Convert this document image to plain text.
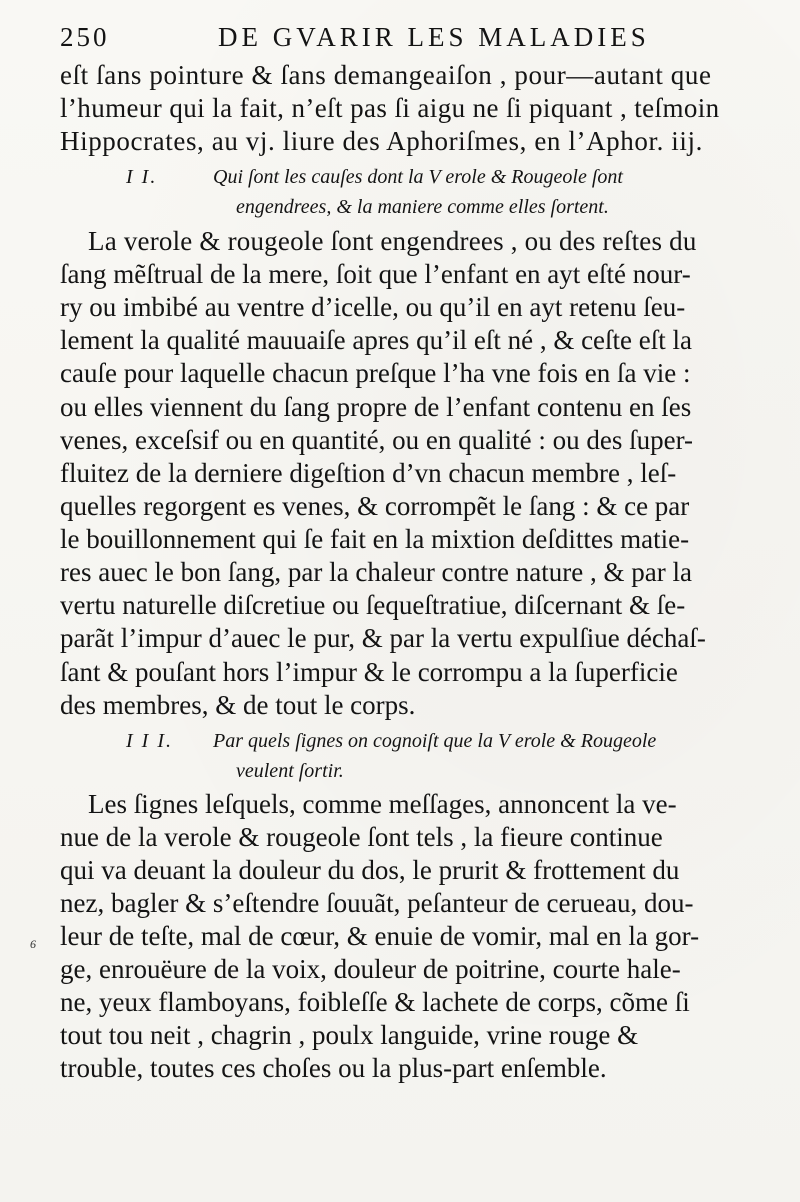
250	DE GVARIR LES MALADIES
eſt ſans pointure & ſans demangeaiſon , pour—autant que
l’humeur qui la fait, n’eſt pas ſi aigu ne ſi piquant , teſmoin
Hippocrates, au vj. liure des Aphoriſmes, en l’Aphor. iij.
I I.	Qui ſont les cauſes dont la V erole & Rougeole ſont
engendrees, & la maniere comme elles ſortent.
La verole & rougeole ſont engendrees , ou des reſtes du
ſang mẽſtrual de la mere, ſoit que l’enfant en ayt eſté nour-
ry ou imbibé au ventre d’icelle, ou qu’il en ayt retenu ſeu-
lement la qualité mauuaiſe apres qu’il eſt né , & ceſte eſt la
cauſe pour laquelle chacun preſque l’ha vne fois en ſa vie :
ou elles viennent du ſang propre de l’enfant contenu en ſes
venes, exceſsif ou en quantité, ou en qualité : ou des ſuper-
fluitez de la derniere digeſtion d’vn chacun membre , leſ-
quelles regorgent es venes, & corrompẽt le ſang : & ce par
le bouillonnement qui ſe fait en la mixtion deſdittes matie-
res auec le bon ſang, par la chaleur contre nature , & par la
vertu naturelle diſcretiue ou ſequeſtratiue, diſcernant & ſe-
parãt l’impur d’auec le pur, & par la vertu expulſiue déchaſ-
ſant & pouſant hors l’impur & le corrompu a la ſuperficie
des membres, & de tout le corps.
I I I. Par quels ſignes on cognoiſt que la V erole & Rougeole
veulent ſortir.
Les ſignes leſquels, comme meſſages, annoncent la ve-
nue de la verole & rougeole ſont tels , la fieure continue
qui va deuant la douleur du dos, le prurit & frottement du
nez, bagler & s’eſtendre ſouuãt, peſanteur de cerueau, dou-
leur de teſte, mal de cœur, & enuie de vomir, mal en la gor-
ge, enrouëure de la voix, douleur de poitrine, courte hale-
ne, yeux flamboyans, foibleſſe & lachete de corps, cõme ſi
tout tou neit , chagrin , poulx languide, vrine rouge &
trouble, toutes ces choſes ou la plus-part enſemble.
6
